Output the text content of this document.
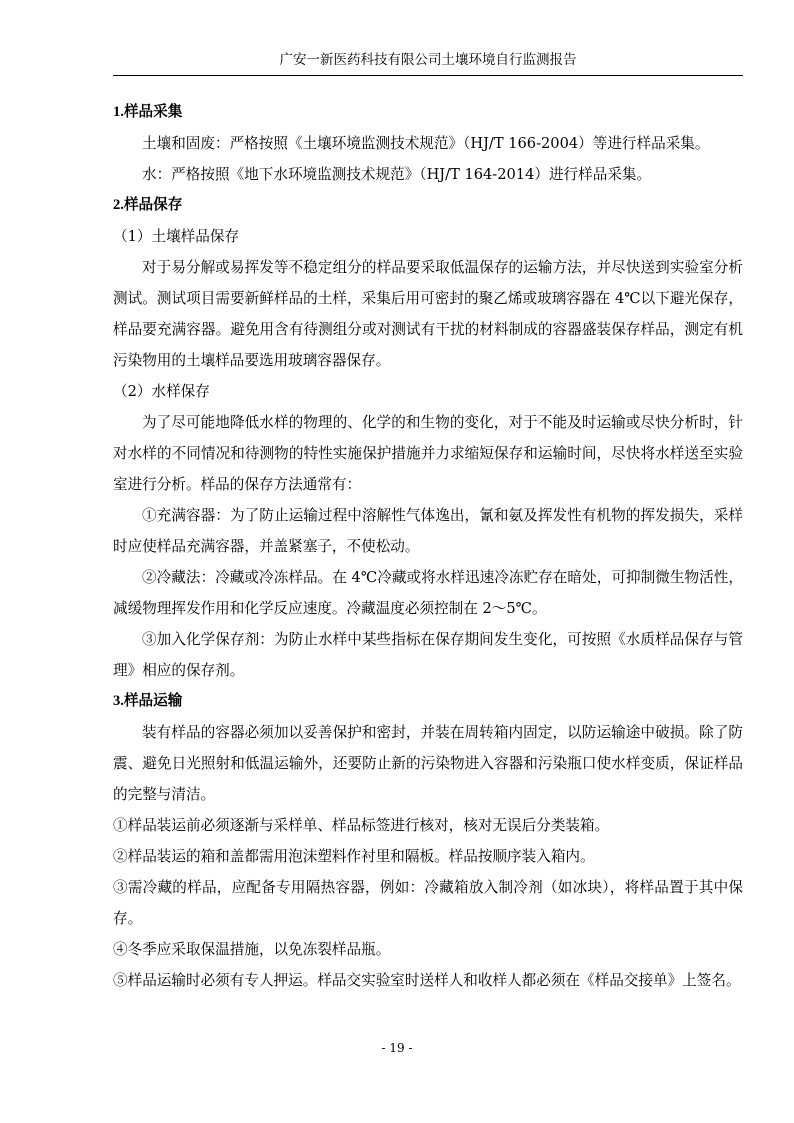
广安一新医药科技有限公司土壤环境自行监测报告

1.样品采集

土壤和固废：严格按照《土壤环境监测技术规范》（HJ/T 166-2004）等进行样品采集。

水：严格按照《地下水环境监测技术规范》（HJ/T 164-2014）进行样品采集。

2.样品保存

（1）土壤样品保存

对于易分解或易挥发等不稳定组分的样品要采取低温保存的运输方法，并尽快送到实验室分析测试。测试项目需要新鲜样品的土样，采集后用可密封的聚乙烯或玻璃容器在 4℃以下避光保存，样品要充满容器。避免用含有待测组分或对测试有干扰的材料制成的容器盛装保存样品，测定有机污染物用的土壤样品要选用玻璃容器保存。

（2）水样保存

为了尽可能地降低水样的物理的、化学的和生物的变化，对于不能及时运输或尽快分析时，针对水样的不同情况和待测物的特性实施保护措施并力求缩短保存和运输时间，尽快将水样送至实验室进行分析。样品的保存方法通常有：

①充满容器：为了防止运输过程中溶解性气体逸出，氰和氨及挥发性有机物的挥发损失，采样时应使样品充满容器，并盖紧塞子，不使松动。

②冷藏法：冷藏或冷冻样品。在 4℃冷藏或将水样迅速冷冻贮存在暗处，可抑制微生物活性，减缓物理挥发作用和化学反应速度。冷藏温度必须控制在 2～5℃。

③加入化学保存剂：为防止水样中某些指标在保存期间发生变化，可按照《水质样品保存与管理》相应的保存剂。

3.样品运输

装有样品的容器必须加以妥善保护和密封，并装在周转箱内固定，以防运输途中破损。除了防震、避免日光照射和低温运输外，还要防止新的污染物进入容器和污染瓶口使水样变质，保证样品的完整与清洁。

①样品装运前必须逐渐与采样单、样品标签进行核对，核对无误后分类装箱。

②样品装运的箱和盖都需用泡沫塑料作衬里和隔板。样品按顺序装入箱内。

③需冷藏的样品，应配备专用隔热容器，例如：冷藏箱放入制冷剂（如冰块），将样品置于其中保存。

④冬季应采取保温措施，以免冻裂样品瓶。

⑤样品运输时必须有专人押运。样品交实验室时送样人和收样人都必须在《样品交接单》上签名。

- 19 -
